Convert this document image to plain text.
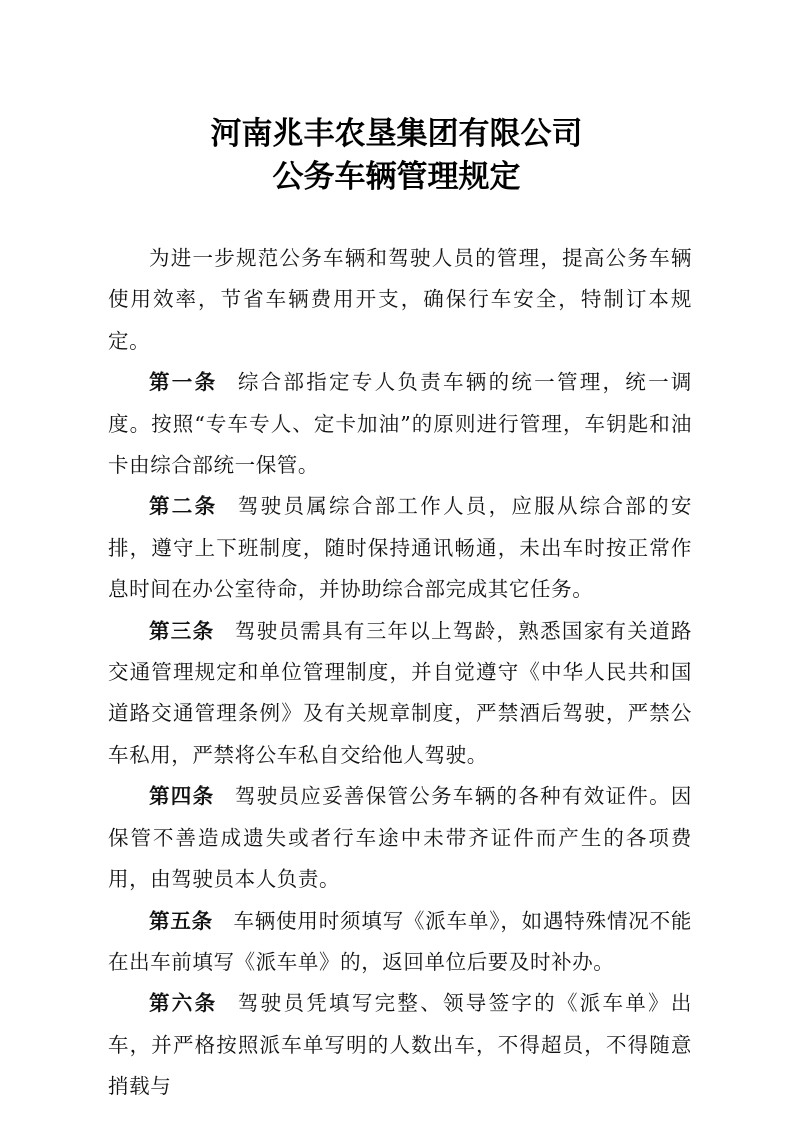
河南兆丰农垦集团有限公司
公务车辆管理规定

为进一步规范公务车辆和驾驶人员的管理，提高公务车辆使用效率，节省车辆费用开支，确保行车安全，特制订本规定。

第一条 综合部指定专人负责车辆的统一管理，统一调度。按照“专车专人、定卡加油”的原则进行管理，车钥匙和油卡由综合部统一保管。

第二条 驾驶员属综合部工作人员，应服从综合部的安排，遵守上下班制度，随时保持通讯畅通，未出车时按正常作息时间在办公室待命，并协助综合部完成其它任务。

第三条 驾驶员需具有三年以上驾龄，熟悉国家有关道路交通管理规定和单位管理制度，并自觉遵守《中华人民共和国道路交通管理条例》及有关规章制度，严禁酒后驾驶，严禁公车私用，严禁将公车私自交给他人驾驶。

第四条 驾驶员应妥善保管公务车辆的各种有效证件。因保管不善造成遗失或者行车途中未带齐证件而产生的各项费用，由驾驶员本人负责。

第五条 车辆使用时须填写《派车单》，如遇特殊情况不能在出车前填写《派车单》的，返回单位后要及时补办。

第六条 驾驶员凭填写完整、领导签字的《派车单》出车，并严格按照派车单写明的人数出车，不得超员，不得随意捎载与
